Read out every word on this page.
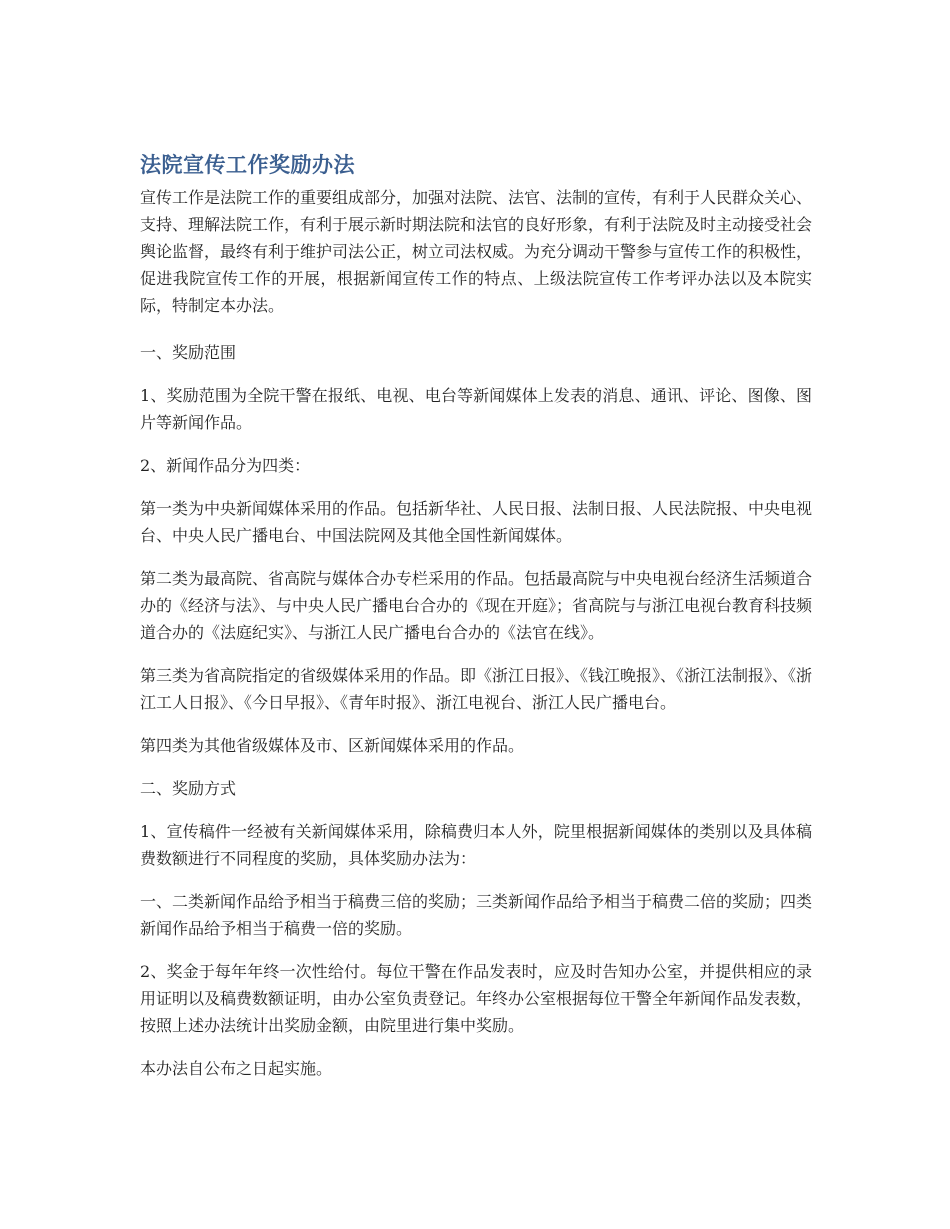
法院宣传工作奖励办法

宣传工作是法院工作的重要组成部分，加强对法院、法官、法制的宣传，有利于人民群众关心、支持、理解法院工作，有利于展示新时期法院和法官的良好形象，有利于法院及时主动接受社会舆论监督，最终有利于维护司法公正，树立司法权威。为充分调动干警参与宣传工作的积极性，促进我院宣传工作的开展，根据新闻宣传工作的特点、上级法院宣传工作考评办法以及本院实际，特制定本办法。

一、奖励范围

1、奖励范围为全院干警在报纸、电视、电台等新闻媒体上发表的消息、通讯、评论、图像、图片等新闻作品。

2、新闻作品分为四类：

第一类为中央新闻媒体采用的作品。包括新华社、人民日报、法制日报、人民法院报、中央电视台、中央人民广播电台、中国法院网及其他全国性新闻媒体。

第二类为最高院、省高院与媒体合办专栏采用的作品。包括最高院与中央电视台经济生活频道合办的《经济与法》、与中央人民广播电台合办的《现在开庭》；省高院与与浙江电视台教育科技频道合办的《法庭纪实》、与浙江人民广播电台合办的《法官在线》。

第三类为省高院指定的省级媒体采用的作品。即《浙江日报》、《钱江晚报》、《浙江法制报》、《浙江工人日报》、《今日早报》、《青年时报》、浙江电视台、浙江人民广播电台。

第四类为其他省级媒体及市、区新闻媒体采用的作品。

二、奖励方式

1、宣传稿件一经被有关新闻媒体采用，除稿费归本人外，院里根据新闻媒体的类别以及具体稿费数额进行不同程度的奖励，具体奖励办法为：

一、二类新闻作品给予相当于稿费三倍的奖励；三类新闻作品给予相当于稿费二倍的奖励；四类新闻作品给予相当于稿费一倍的奖励。

2、奖金于每年年终一次性给付。每位干警在作品发表时，应及时告知办公室，并提供相应的录用证明以及稿费数额证明，由办公室负责登记。年终办公室根据每位干警全年新闻作品发表数，按照上述办法统计出奖励金额，由院里进行集中奖励。

本办法自公布之日起实施。
